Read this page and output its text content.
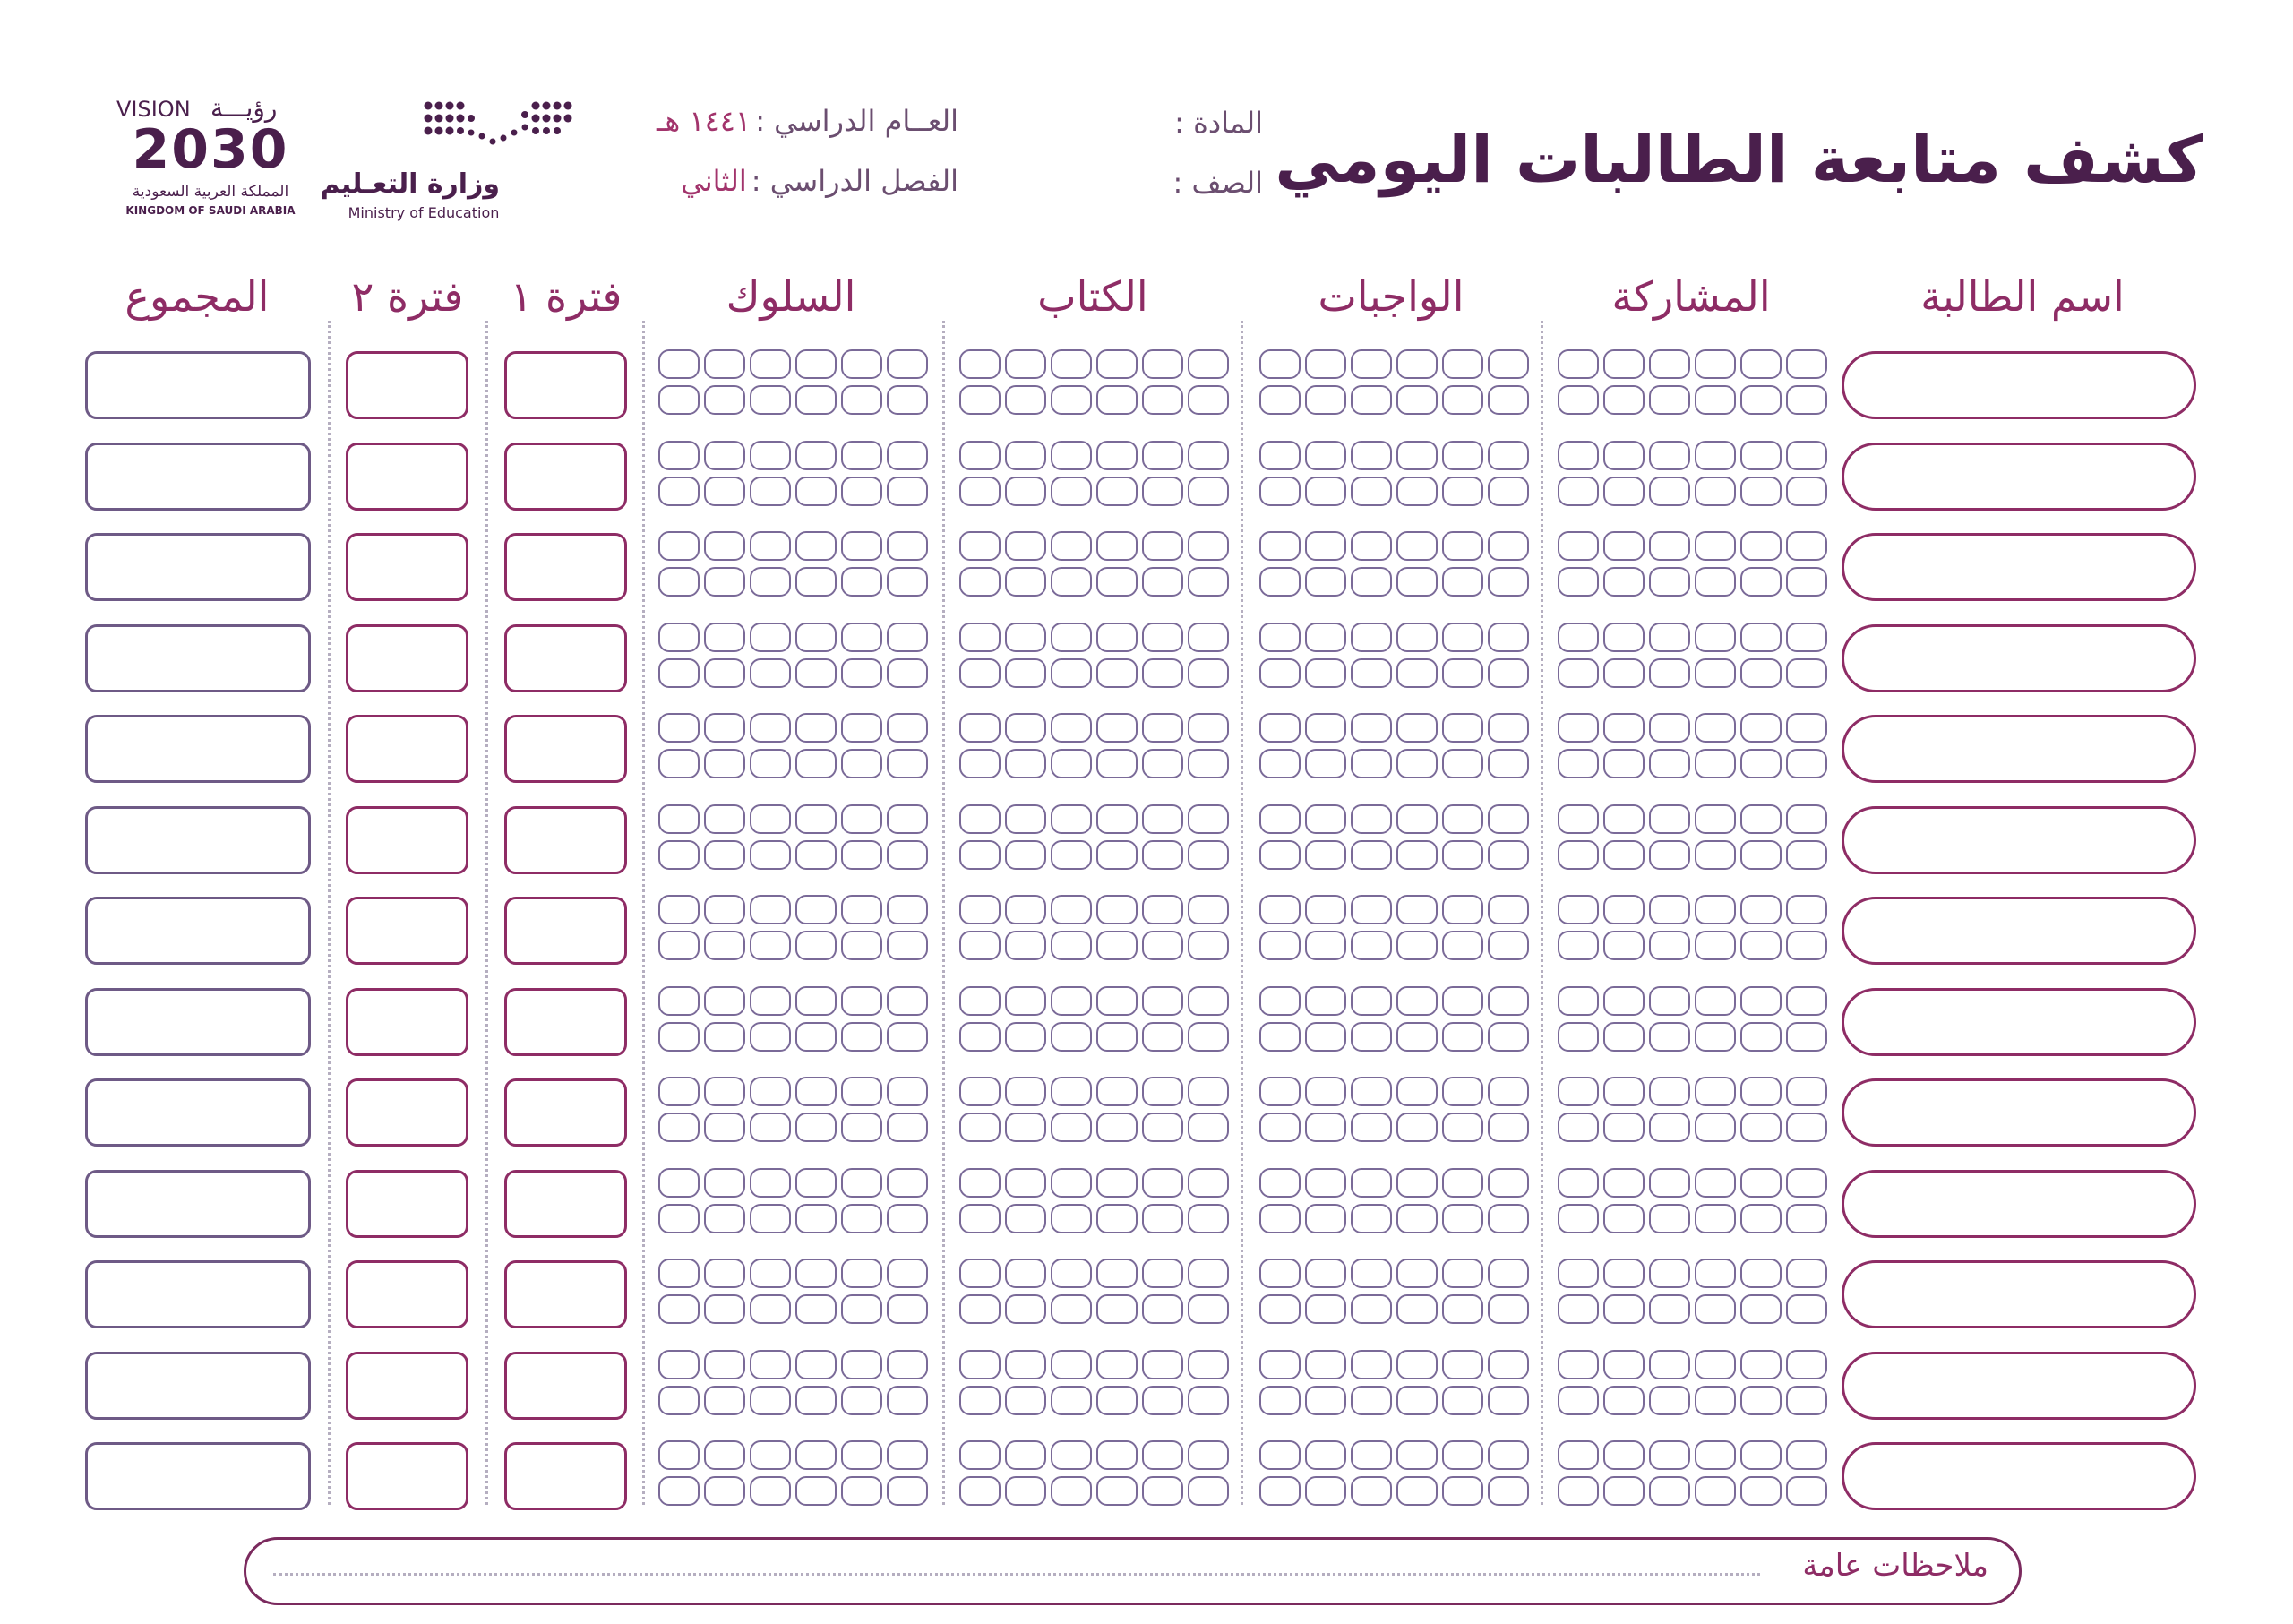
كشف متابعة الطالبات اليومي
المادة :
الصف :
العــام الدراسي : ١٤٤١ هـ
الفصل الدراسي : الثاني
وزارة التعـليم
Ministry of Education
VISION رؤيـــة
2030
المملكة العربية السعودية
KINGDOM OF SAUDI ARABIA
اسم الطالبة
المشاركة
الواجبات
الكتاب
السلوك
فترة ١
فترة ٢
المجموع
ملاحظات عامة
